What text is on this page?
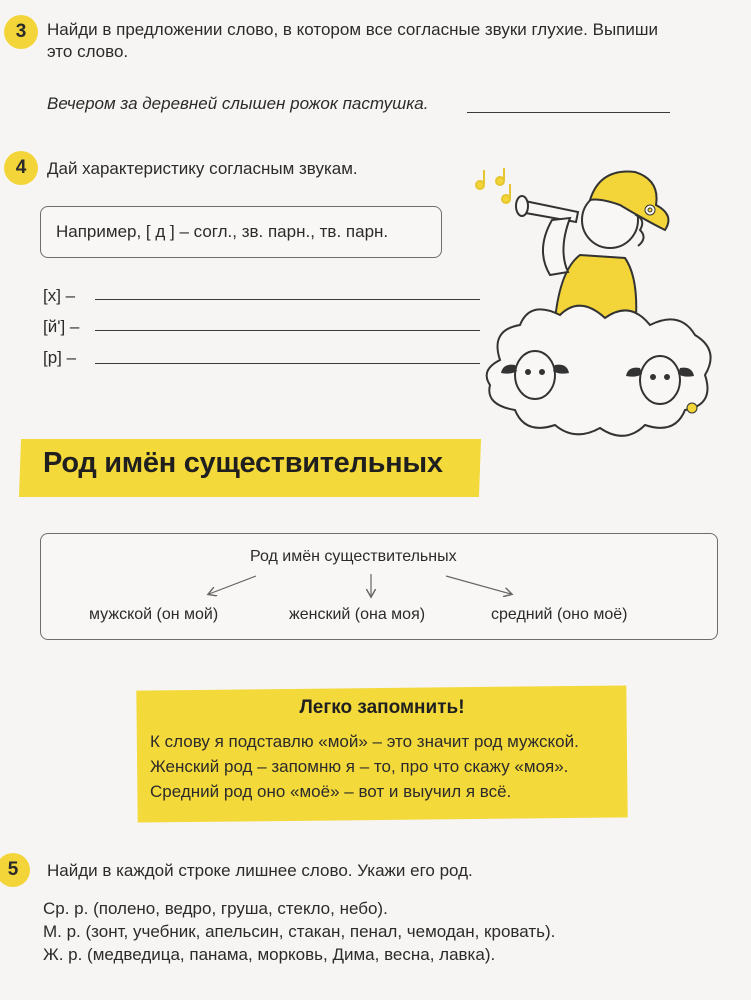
3	Найди в предложении слово, в котором все согласные звуки глухие. Выпиши
это слово.
Вечером за деревней слышен рожок пастушка.
4	Дай характеристику согласным звукам.
Например, [ д ] – согл., зв. парн., тв. парн.
[х] –
[й'] –
[р] –
Род имён существительных
Род имён существительных
мужской (он мой)	женский (она моя)	средний (оно моё)
Легко запомнить!
К слову я подставлю «мой» – это значит род мужской.
Женский род – запомню я – то, про что скажу «моя».
Средний род оно «моё» – вот и выучил я всё.
5	Найди в каждой строке лишнее слово. Укажи его род.
Ср. р. (полено, ведро, груша, стекло, небо).
М. р. (зонт, учебник, апельсин, стакан, пенал, чемодан, кровать).
Ж. р. (медведица, панама, морковь, Дима, весна, лавка).
